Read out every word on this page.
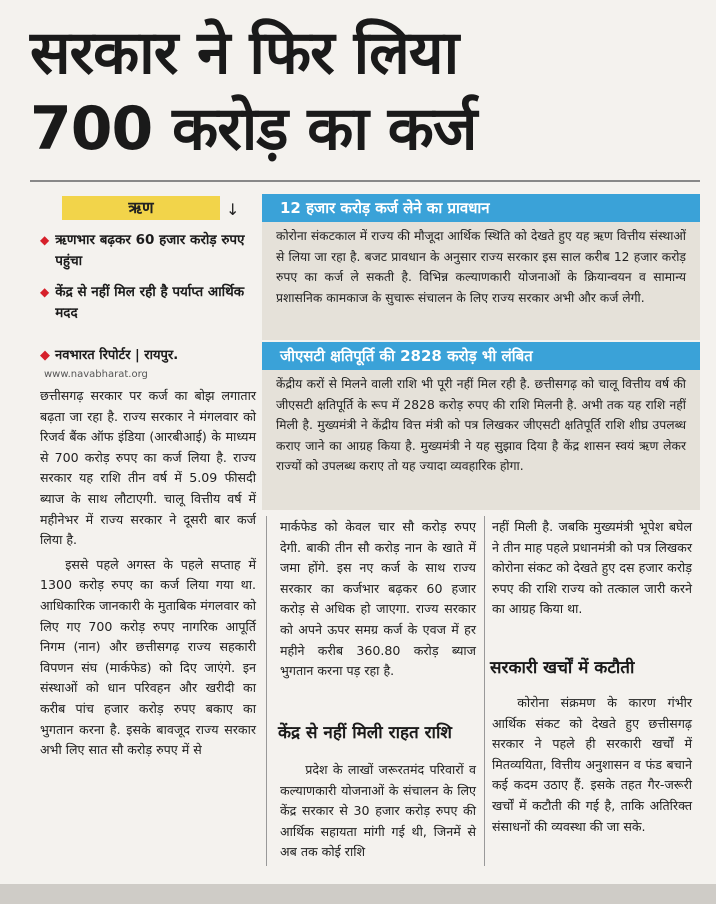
सरकार ने फिर लिया
700 करोड़ का कर्ज
ऋण	↓
◆ ऋणभार बढ़कर 60 हजार करोड़ रुपए पहुंचा
◆ केंद्र से नहीं मिल रही है पर्याप्त आर्थिक मदद
◆ नवभारत रिपोर्टर | रायपुर.
www.navabharat.org
12 हजार करोड़ कर्ज लेने का प्रावधान
कोरोना संकटकाल में राज्य की मौजूदा आर्थिक स्थिति को देखते हुए यह ऋण वित्तीय संस्थाओं से लिया जा रहा है. बजट प्रावधान के अनुसार राज्य सरकार इस साल करीब 12 हजार करोड़ रुपए का कर्ज ले सकती है. विभिन्न कल्याणकारी योजनाओं के क्रियान्वयन व सामान्य प्रशासनिक कामकाज के सुचारू संचालन के लिए राज्य सरकार अभी और कर्ज लेगी.
जीएसटी क्षतिपूर्ति की 2828 करोड़ भी लंबित
केंद्रीय करों से मिलने वाली राशि भी पूरी नहीं मिल रही है. छत्तीसगढ़ को चालू वित्तीय वर्ष की जीएसटी क्षतिपूर्ति के रूप में 2828 करोड़ रुपए की राशि मिलनी है. अभी तक यह राशि नहीं मिली है. मुख्यमंत्री ने केंद्रीय वित्त मंत्री को पत्र लिखकर जीएसटी क्षतिपूर्ति राशि शीघ्र उपलब्ध कराए जाने का आग्रह किया है. मुख्यमंत्री ने यह सुझाव दिया है केंद्र शासन स्वयं ऋण लेकर राज्यों को उपलब्ध कराए तो यह ज्यादा व्यवहारिक होगा.

छत्तीसगढ़ सरकार पर कर्ज का बोझ लगातार बढ़ता जा रहा है. राज्य सरकार ने मंगलवार को रिजर्व बैंक ऑफ इंडिया (आरबीआई) के माध्यम से 700 करोड़ रुपए का कर्ज लिया है. राज्य सरकार यह राशि तीन वर्ष में 5.09 फीसदी ब्याज के साथ लौटाएगी. चालू वित्तीय वर्ष में महीनेभर में राज्य सरकार ने दूसरी बार कर्ज लिया है.

इससे पहले अगस्त के पहले सप्ताह में 1300 करोड़ रुपए का कर्ज लिया गया था. आधिकारिक जानकारी के मुताबिक मंगलवार को लिए गए 700 करोड़ रुपए नागरिक आपूर्ति निगम (नान) और छत्तीसगढ़ राज्य सहकारी विपणन संघ (मार्कफेड) को दिए जाएंगे. इन संस्थाओं को धान परिवहन और खरीदी का करीब पांच हजार करोड़ रुपए बकाए का भुगतान करना है. इसके बावजूद राज्य सरकार अभी लिए सात सौ करोड़ रुपए में से

मार्कफेड को केवल चार सौ करोड़ रुपए देगी. बाकी तीन सौ करोड़ नान के खाते में जमा होंगे. इस नए कर्ज के साथ राज्य सरकार का कर्जभार बढ़कर 60 हजार करोड़ से अधिक हो जाएगा. राज्य सरकार को अपने ऊपर समग्र कर्ज के एवज में हर महीने करीब 360.80 करोड़ ब्याज भुगतान करना पड़ रहा है.

केंद्र से नहीं मिली राहत राशि

प्रदेश के लाखों जरूरतमंद परिवारों व कल्याणकारी योजनाओं के संचालन के लिए केंद्र सरकार से 30 हजार करोड़ रुपए की आर्थिक सहायता मांगी गई थी, जिनमें से अब तक कोई राशि

नहीं मिली है. जबकि मुख्यमंत्री भूपेश बघेल ने तीन माह पहले प्रधानमंत्री को पत्र लिखकर कोरोना संकट को देखते हुए दस हजार करोड़ रुपए की राशि राज्य को तत्काल जारी करने का आग्रह किया था.

सरकारी खर्चों में कटौती

कोरोना संक्रमण के कारण गंभीर आर्थिक संकट को देखते हुए छत्तीसगढ़ सरकार ने पहले ही सरकारी खर्चों में मितव्ययिता, वित्तीय अनुशासन व फंड बचाने कई कदम उठाए हैं. इसके तहत गैर-जरूरी खर्चों में कटौती की गई है, ताकि अतिरिक्त संसाधनों की व्यवस्था की जा सके.
